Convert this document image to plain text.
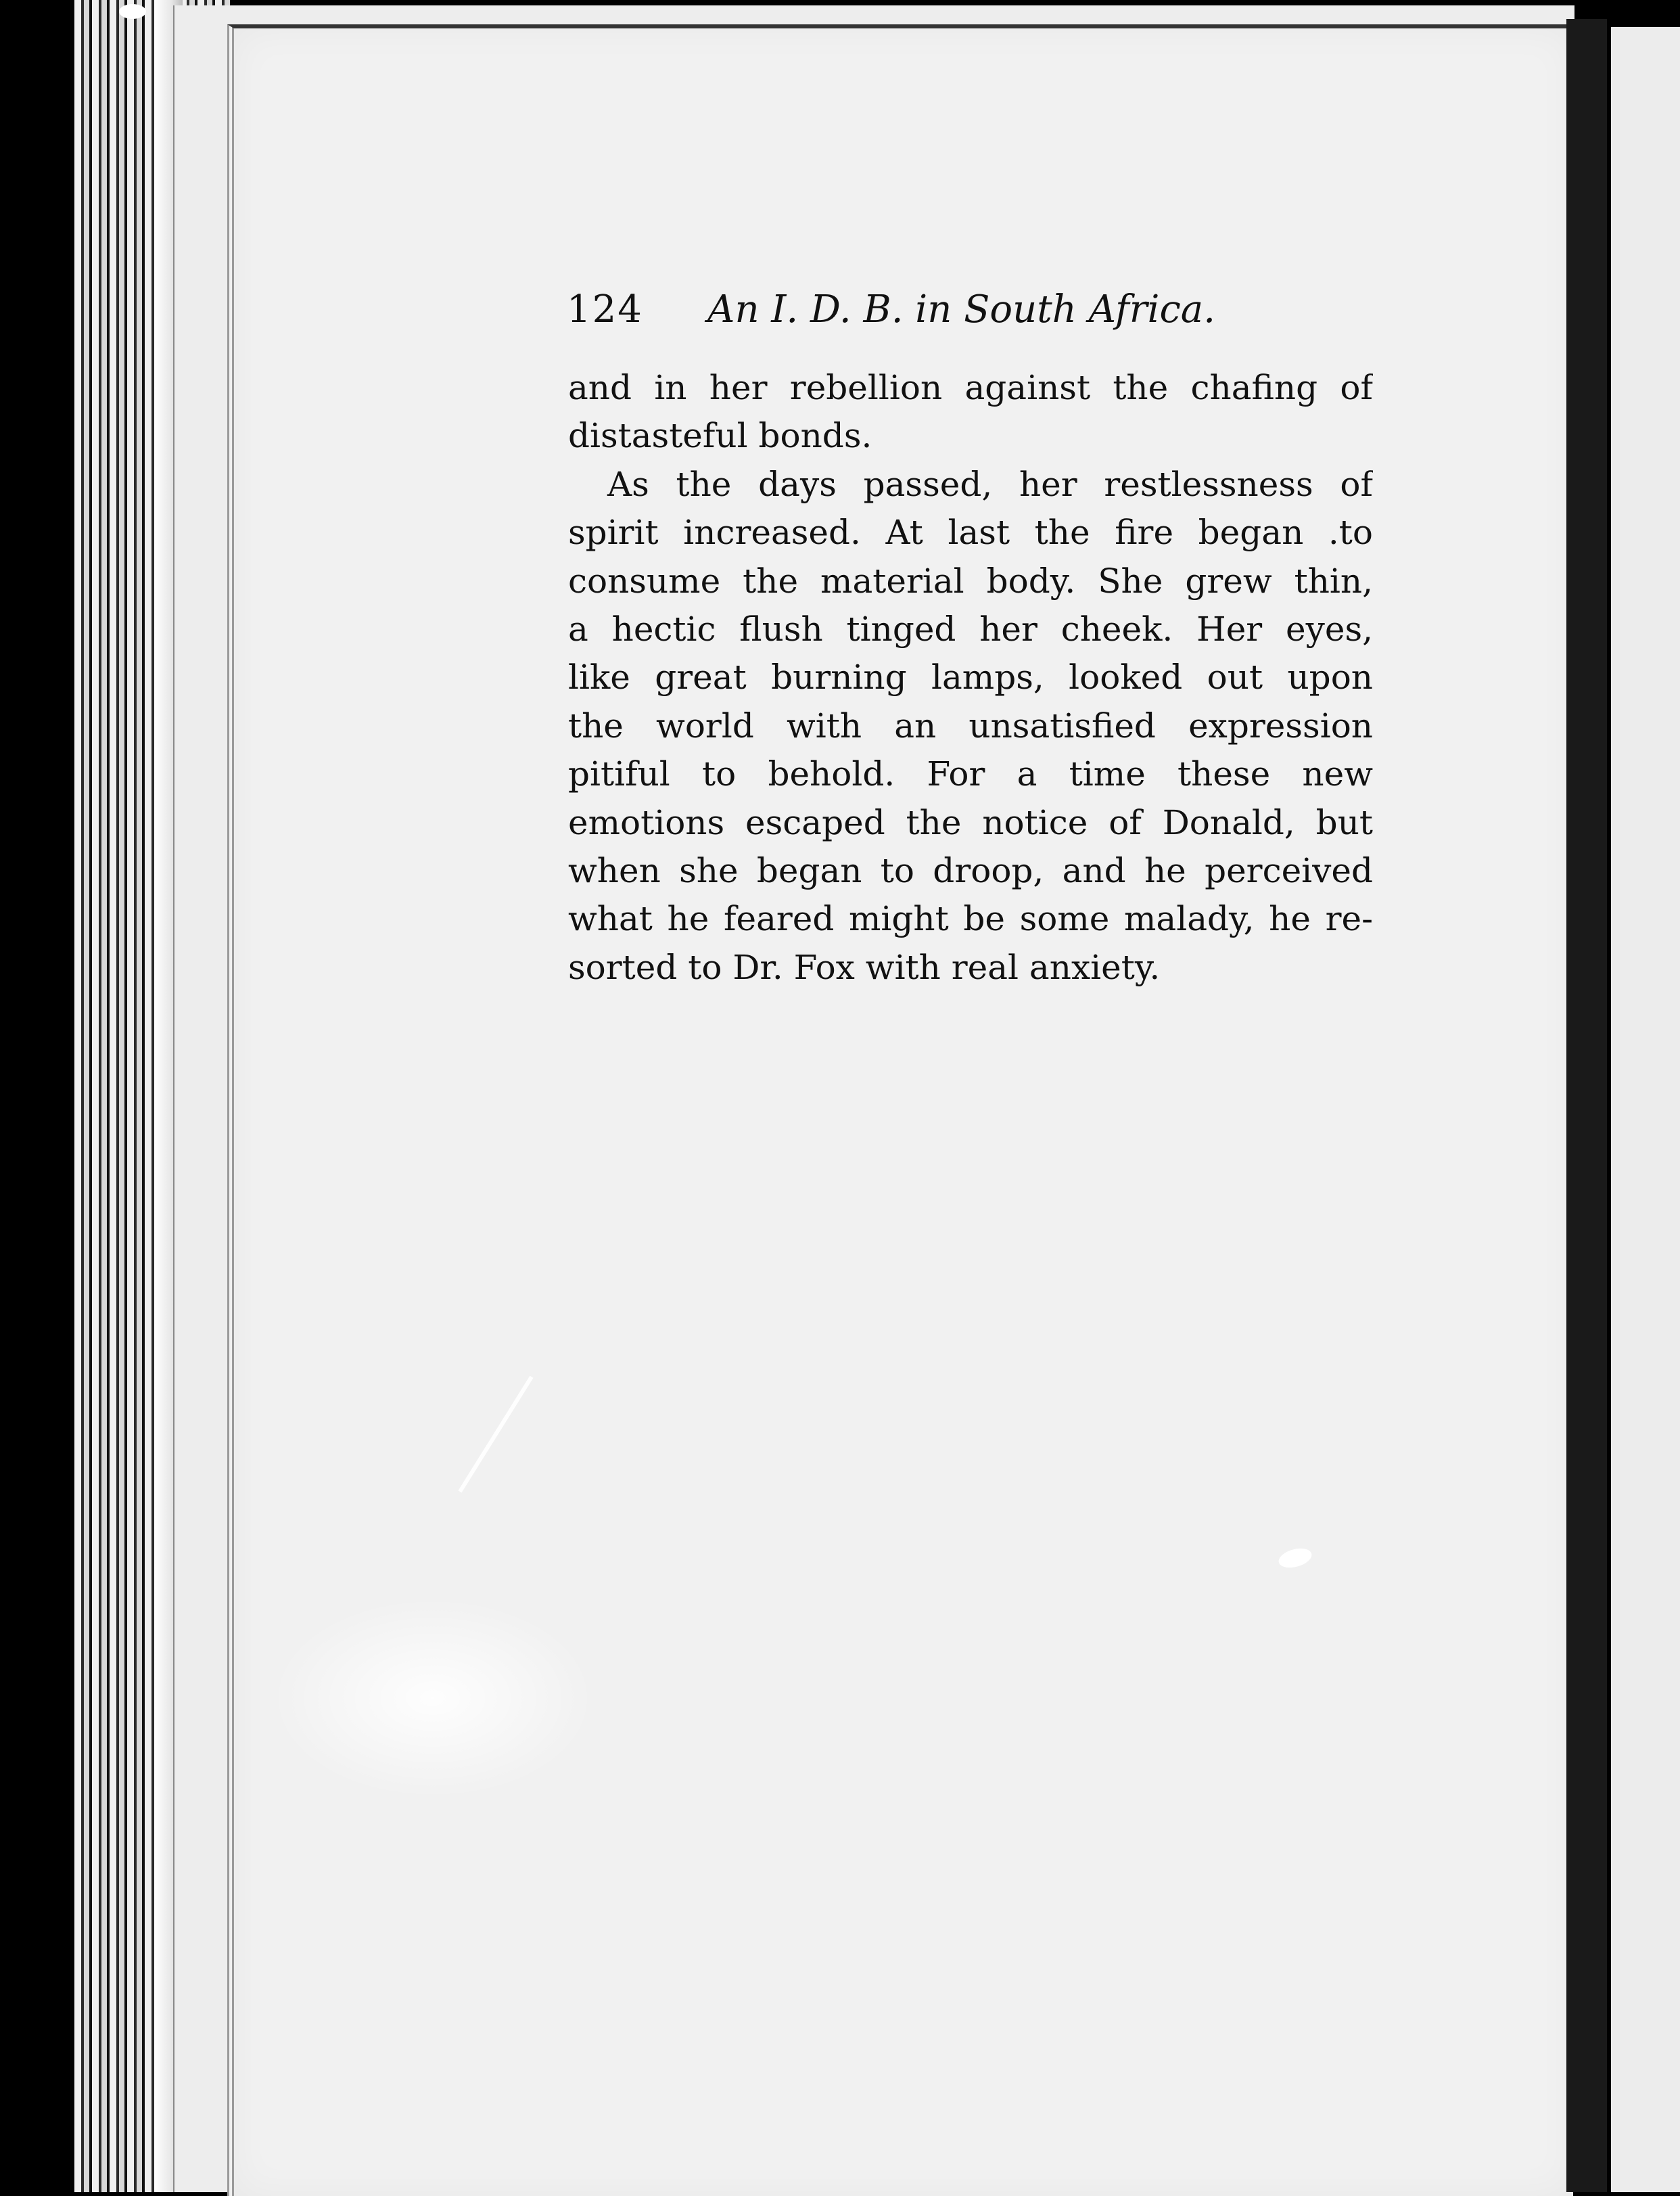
124 An I. D. B. in South Africa.
and in her rebellion against the chafing of
distasteful bonds.
As the days passed, her restlessness of
spirit increased. At last the fire began .to
consume the material body. She grew thin,
a hectic flush tinged her cheek. Her eyes,
like great burning lamps, looked out upon
the world with an unsatisfied expression
pitiful to behold. For a time these new
emotions escaped the notice of Donald, but
when she began to droop, and he perceived
what he feared might be some malady, he re-
sorted to Dr. Fox with real anxiety.
